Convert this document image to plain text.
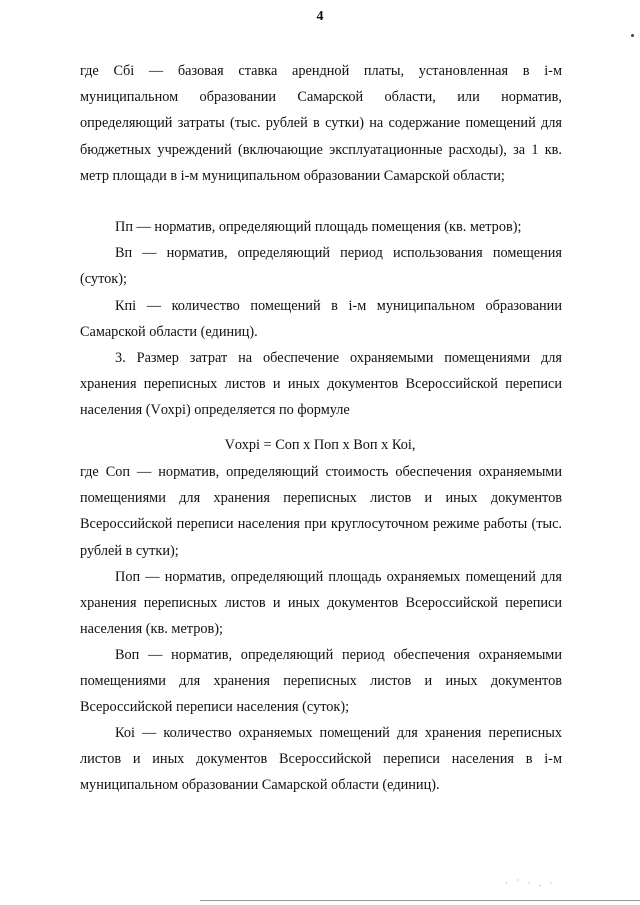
4

где Cбi — базовая ставка арендной платы, установленная в i-м муниципальном образовании Самарской области, или норматив, определяющий затраты (тыс. рублей в сутки) на содержание помещений для бюджетных учреждений (включающие эксплуатационные расходы), за 1 кв. метр площади в i-м муниципальном образовании Самарской области;

Пп — норматив, определяющий площадь помещения (кв. метров);

Вп — норматив, определяющий период использования помещения (суток);

Кпi — количество помещений в i-м муниципальном образовании Самарской области (единиц).

3. Размер затрат на обеспечение охраняемыми помещениями для хранения переписных листов и иных документов Всероссийской переписи населения (Vохрi) определяется по формуле

Vохрi = Соп х Поп х Воп х Коi,

где Соп — норматив, определяющий стоимость обеспечения охраняемыми помещениями для хранения переписных листов и иных документов Всероссийской переписи населения при круглосуточном режиме работы (тыс. рублей в сутки);

Поп — норматив, определяющий площадь охраняемых помещений для хранения переписных листов и иных документов Всероссийской переписи населения (кв. метров);

Воп — норматив, определяющий период обеспечения охраняемыми помещениями для хранения переписных листов и иных документов Всероссийской переписи населения (суток);

Коi — количество охраняемых помещений для хранения переписных листов и иных документов Всероссийской переписи населения в i-м муниципальном образовании Самарской области (единиц).

· ˙ · . ·
